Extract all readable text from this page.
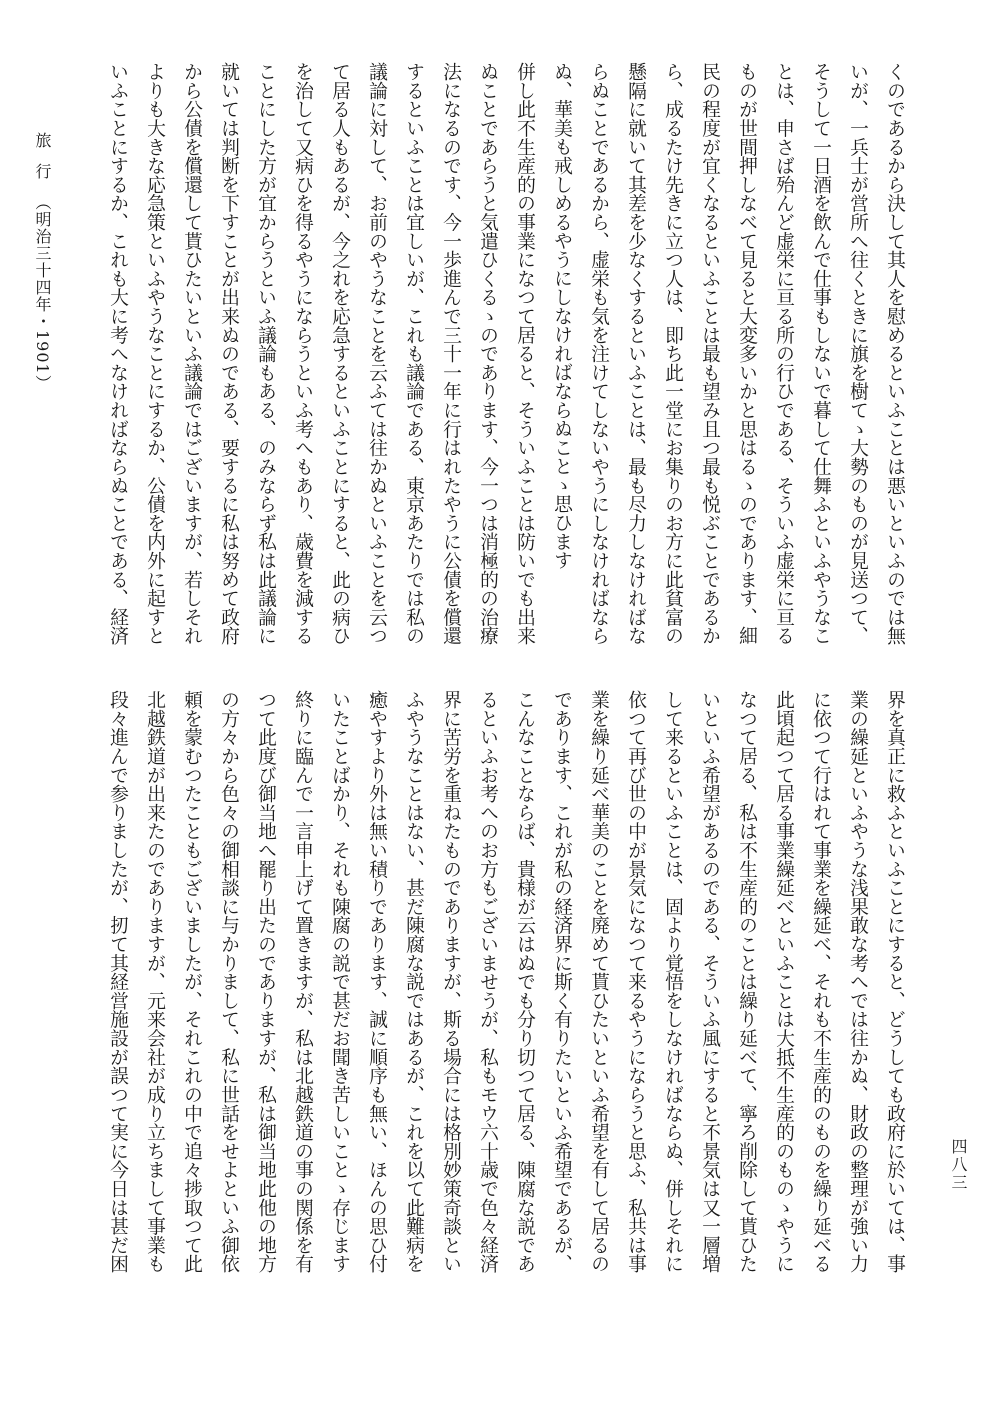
旅行（明治三十四年・1901）	くのであるから決して其人を慰めるといふことは悪いといふのでは無

いが、一兵士が営所へ往くときに旗を樹てゝ大勢のものが見送つて、

そうして一日酒を飲んで仕事もしないで暮して仕舞ふといふやうなこ

とは、申さば殆んど虚栄に亘る所の行ひである、そういふ虚栄に亘る

ものが世間押しなべて見ると大変多いかと思はるゝのであります、細

民の程度が宜くなるといふことは最も望み且つ最も悦ぶことであるか

ら、成るたけ先きに立つ人は、即ち此一堂にお集りのお方に此貧富の

懸隔に就いて其差を少なくするといふことは、最も尽力しなければな

らぬことであるから、虚栄も気を注けてしないやうにしなければなら

ぬ、華美も戒しめるやうにしなければならぬことゝ思ひます

併し此不生産的の事業になつて居ると、そういふことは防いでも出来

ぬことであらうと気遣ひくるゝのであります、今一つは消極的の治療

法になるのです、今一歩進んで三十一年に行はれたやうに公債を償還

するといふことは宜しいが、これも議論である、東京あたりでは私の

議論に対して、お前のやうなことを云ふては往かぬといふことを云つ

て居る人もあるが、今之れを応急するといふことにすると、此の病ひ

を治して又病ひを得るやうにならうといふ考へもあり、歳費を減する

ことにした方が宜からうといふ議論もある、のみならず私は此議論に

就いては判断を下すことが出来ぬのである、要するに私は努めて政府

から公債を償還して貰ひたいといふ議論ではございますが、若しそれ

よりも大きな応急策といふやうなことにするか、公債を内外に起すと

いふことにするか、これも大に考へなければならぬことである、経済

界を真正に救ふといふことにすると、どうしても政府に於いては、事

業の繰延といふやうな浅果敢な考へでは往かぬ、財政の整理が強い力

に依つて行はれて事業を繰延べ、それも不生産的のものを繰り延べる

此頃起つて居る事業繰延べといふことは大抵不生産的のものゝやうに

なつて居る、私は不生産的のことは繰り延べて、寧ろ削除して貰ひた

いといふ希望があるのである、そういふ風にすると不景気は又一層増

して来るといふことは、固より覚悟をしなければならぬ、併しそれに

依つて再び世の中が景気になつて来るやうにならうと思ふ、私共は事

業を繰り延べ華美のことを廃めて貰ひたいといふ希望を有して居るの

であります、これが私の経済界に斯く有りたいといふ希望であるが、

こんなことならば、貴様が云はぬでも分り切つて居る、陳腐な説であ

るといふお考へのお方もございませうが、私もモウ六十歳で色々経済

界に苦労を重ねたものでありますが、斯る場合には格別妙策奇談とい

ふやうなことはない、甚だ陳腐な説ではあるが、これを以て此難病を

癒やすより外は無い積りであります、誠に順序も無い、ほんの思ひ付

いたことばかり、それも陳腐の説で甚だお聞き苦しいことゝ存じます

終りに臨んで一言申上げて置きますが、私は北越鉄道の事の関係を有

つて此度び御当地へ罷り出たのでありますが、私は御当地此他の地方

の方々から色々の御相談に与かりまして、私に世話をせよといふ御依

頼を蒙むつたこともございましたが、それこれの中で追々捗取つて此

北越鉄道が出来たのでありますが、元来会社が成り立ちまして事業も

段々進んで参りましたが、扨て其経営施設が誤つて実に今日は甚だ困	四八三
